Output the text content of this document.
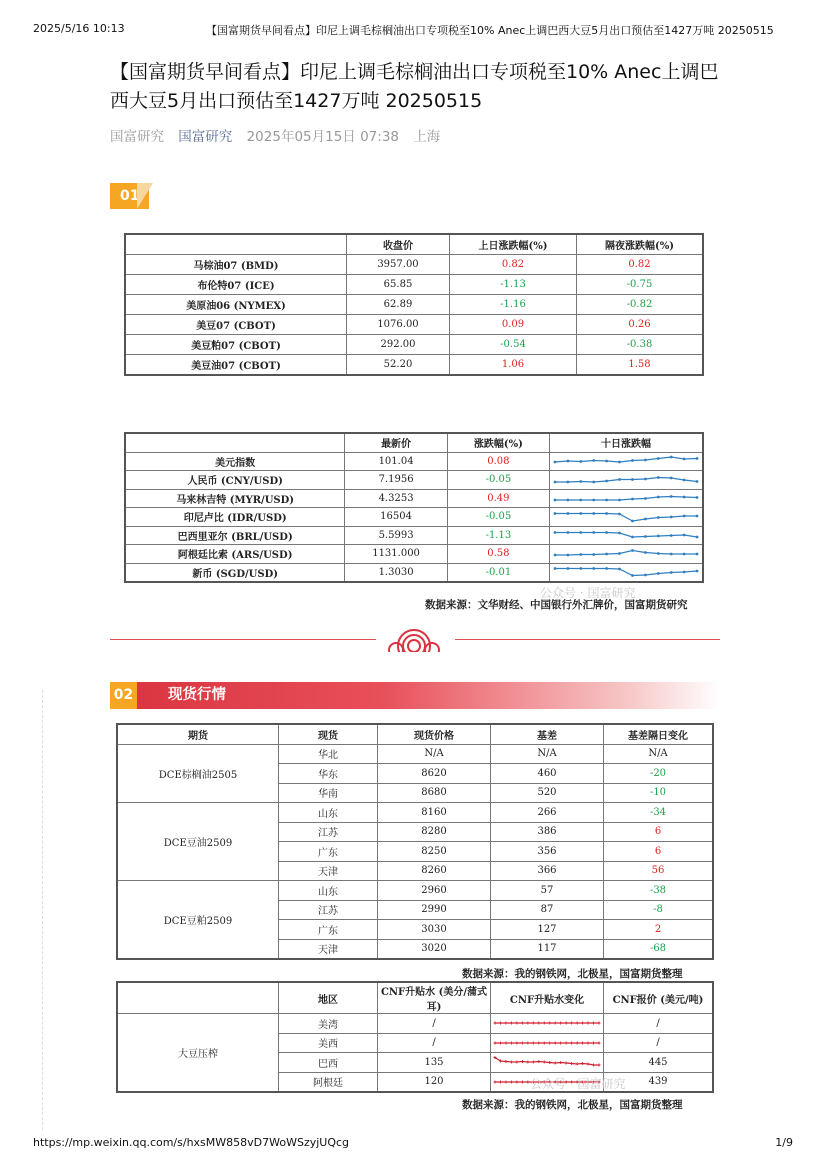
2025/5/16 10:13	【国富期货早间看点】印尼上调毛棕榈油出口专项税至10% Anec上调巴西大豆5月出口预估至1427万吨 20250515
【国富期货早间看点】印尼上调毛棕榈油出口专项税至10% Anec上调巴西大豆5月出口预估至1427万吨 20250515
国富研究 国富研究 2025年05月15日 07:38 上海
01
	收盘价	上日涨跌幅(%)	隔夜涨跌幅(%)
马棕油07 (BMD)	3957.00	0.82	0.82
布伦特07 (ICE)	65.85	-1.13	-0.75
美原油06 (NYMEX)	62.89	-1.16	-0.82
美豆07 (CBOT)	1076.00	0.09	0.26
美豆粕07 (CBOT)	292.00	-0.54	-0.38
美豆油07 (CBOT)	52.20	1.06	1.58
	最新价	涨跌幅(%)	十日涨跌幅
美元指数	101.04	0.08	

人民币 (CNY/USD)	7.1956	-0.05	

马来林吉特 (MYR/USD)	4.3253	0.49	

印尼卢比 (IDR/USD)	16504	-0.05	

巴西里亚尔 (BRL/USD)	5.5993	-1.13	

阿根廷比索 (ARS/USD)	1131.000	0.58	

新币 (SGD/USD)	1.3030	-0.01	
公众号 · 国富研究
数据来源：文华财经、中国银行外汇牌价，国富期货研究
02 现货行情
期货	现货	现货价格	基差	基差隔日变化
DCE棕榈油2505	华北	N/A	N/A	N/A
	华东	8620	460	-20
	华南	8680	520	-10
DCE豆油2509	山东	8160	266	-34
	江苏	8280	386	6
	广东	8250	356	6
	天津	8260	366	56
DCE豆粕2509	山东	2960	57	-38
	江苏	2990	87	-8
	广东	3030	127	2
	天津	3020	117	-68
数据来源：我的钢铁网，北极星，国富期货整理
	地区	CNF升贴水 (美分/蒲式耳)	CNF升贴水变化	CNF报价 (美元/吨)
大豆压榨	美湾	/		/
	美西	/		/
	巴西	135		445
	阿根廷	120		439
公众号 · 国富研究
数据来源：我的钢铁网，北极星，国富期货整理
https://mp.weixin.qq.com/s/hxsMW858vD7WoWSzyjUQcg	1/9
